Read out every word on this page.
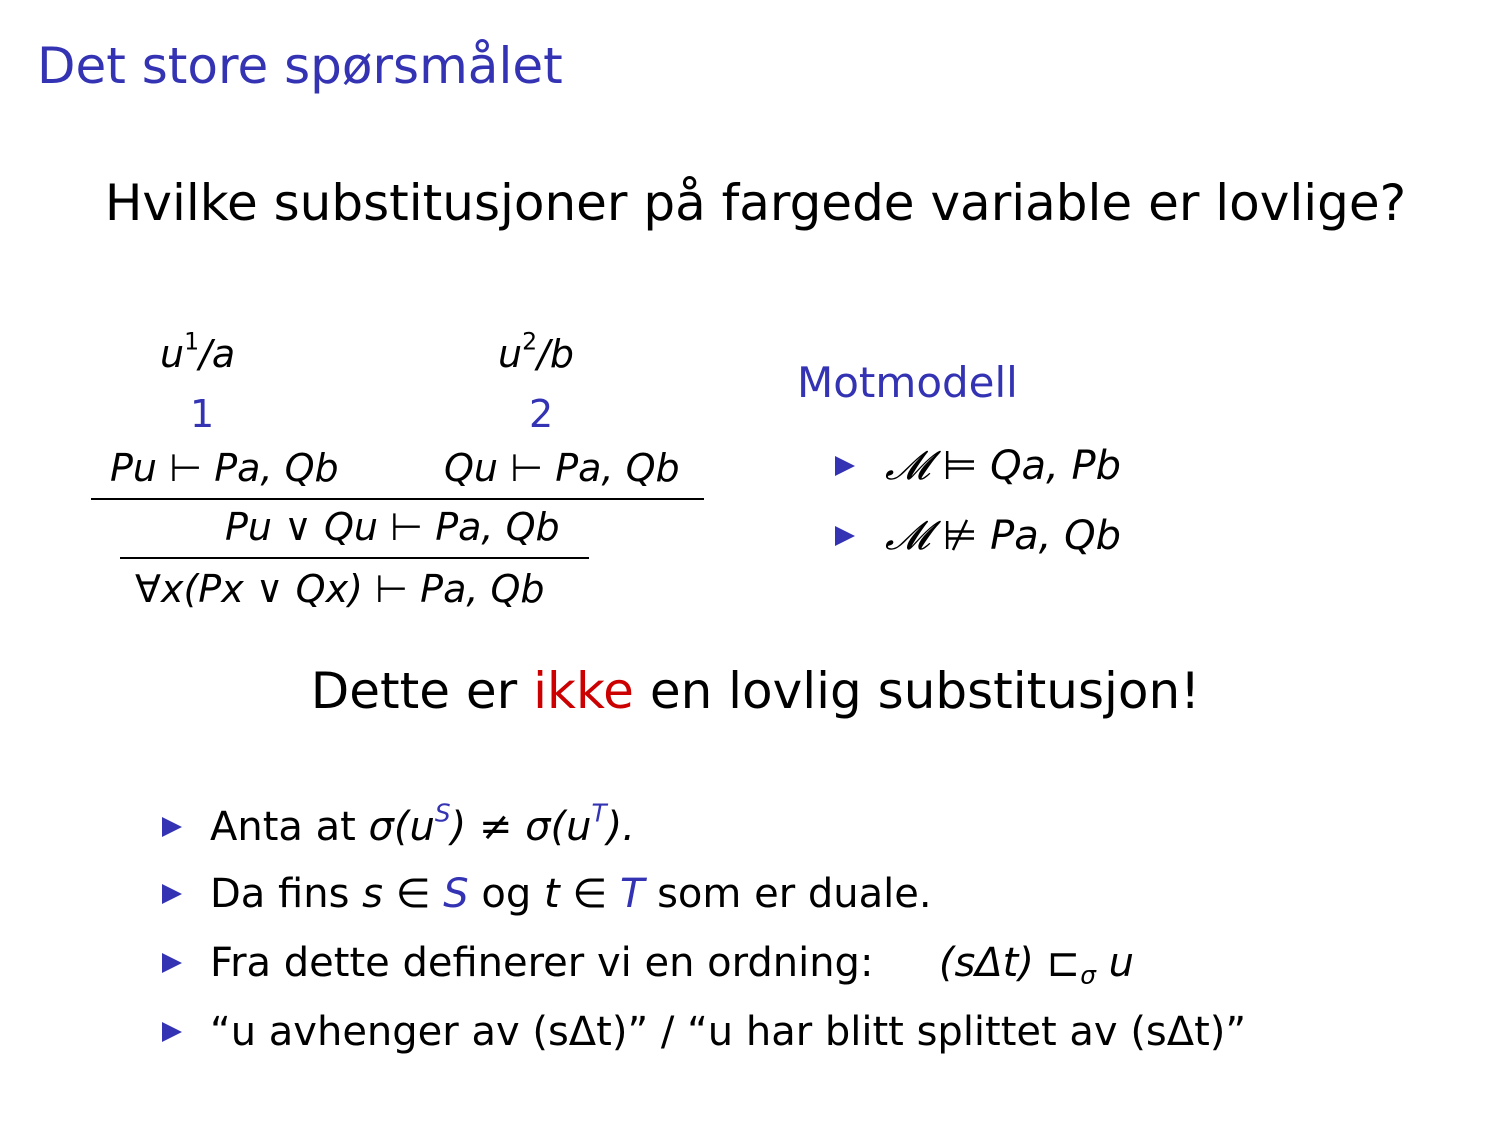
Det store spørsmålet
Hvilke substitusjoner på fargede variable er lovlige?
$u^1/a$	$u^2/b$
1	2
Pu ⊢ Pa, Qb	Qu ⊢ Pa, Qb
Pu ∨ Qu ⊢ Pa, Qb
∀x(Px ∨ Qx) ⊢ Pa, Qb
Motmodell
𝓜 ⊨ Qa, Pb
𝓜 ⊭ Pa, Qb
Dette er ikke en lovlig substitusjon!
Anta at $\sigma(u^S) \ne \sigma(u^T)$.
Da fins s ∈ S og t ∈ T som er duale.
Fra dette definerer vi en ordning: (sΔt) $⊏_\sigma$ u
“u avhenger av (sΔt)” / “u har blitt splittet av (sΔt)”
